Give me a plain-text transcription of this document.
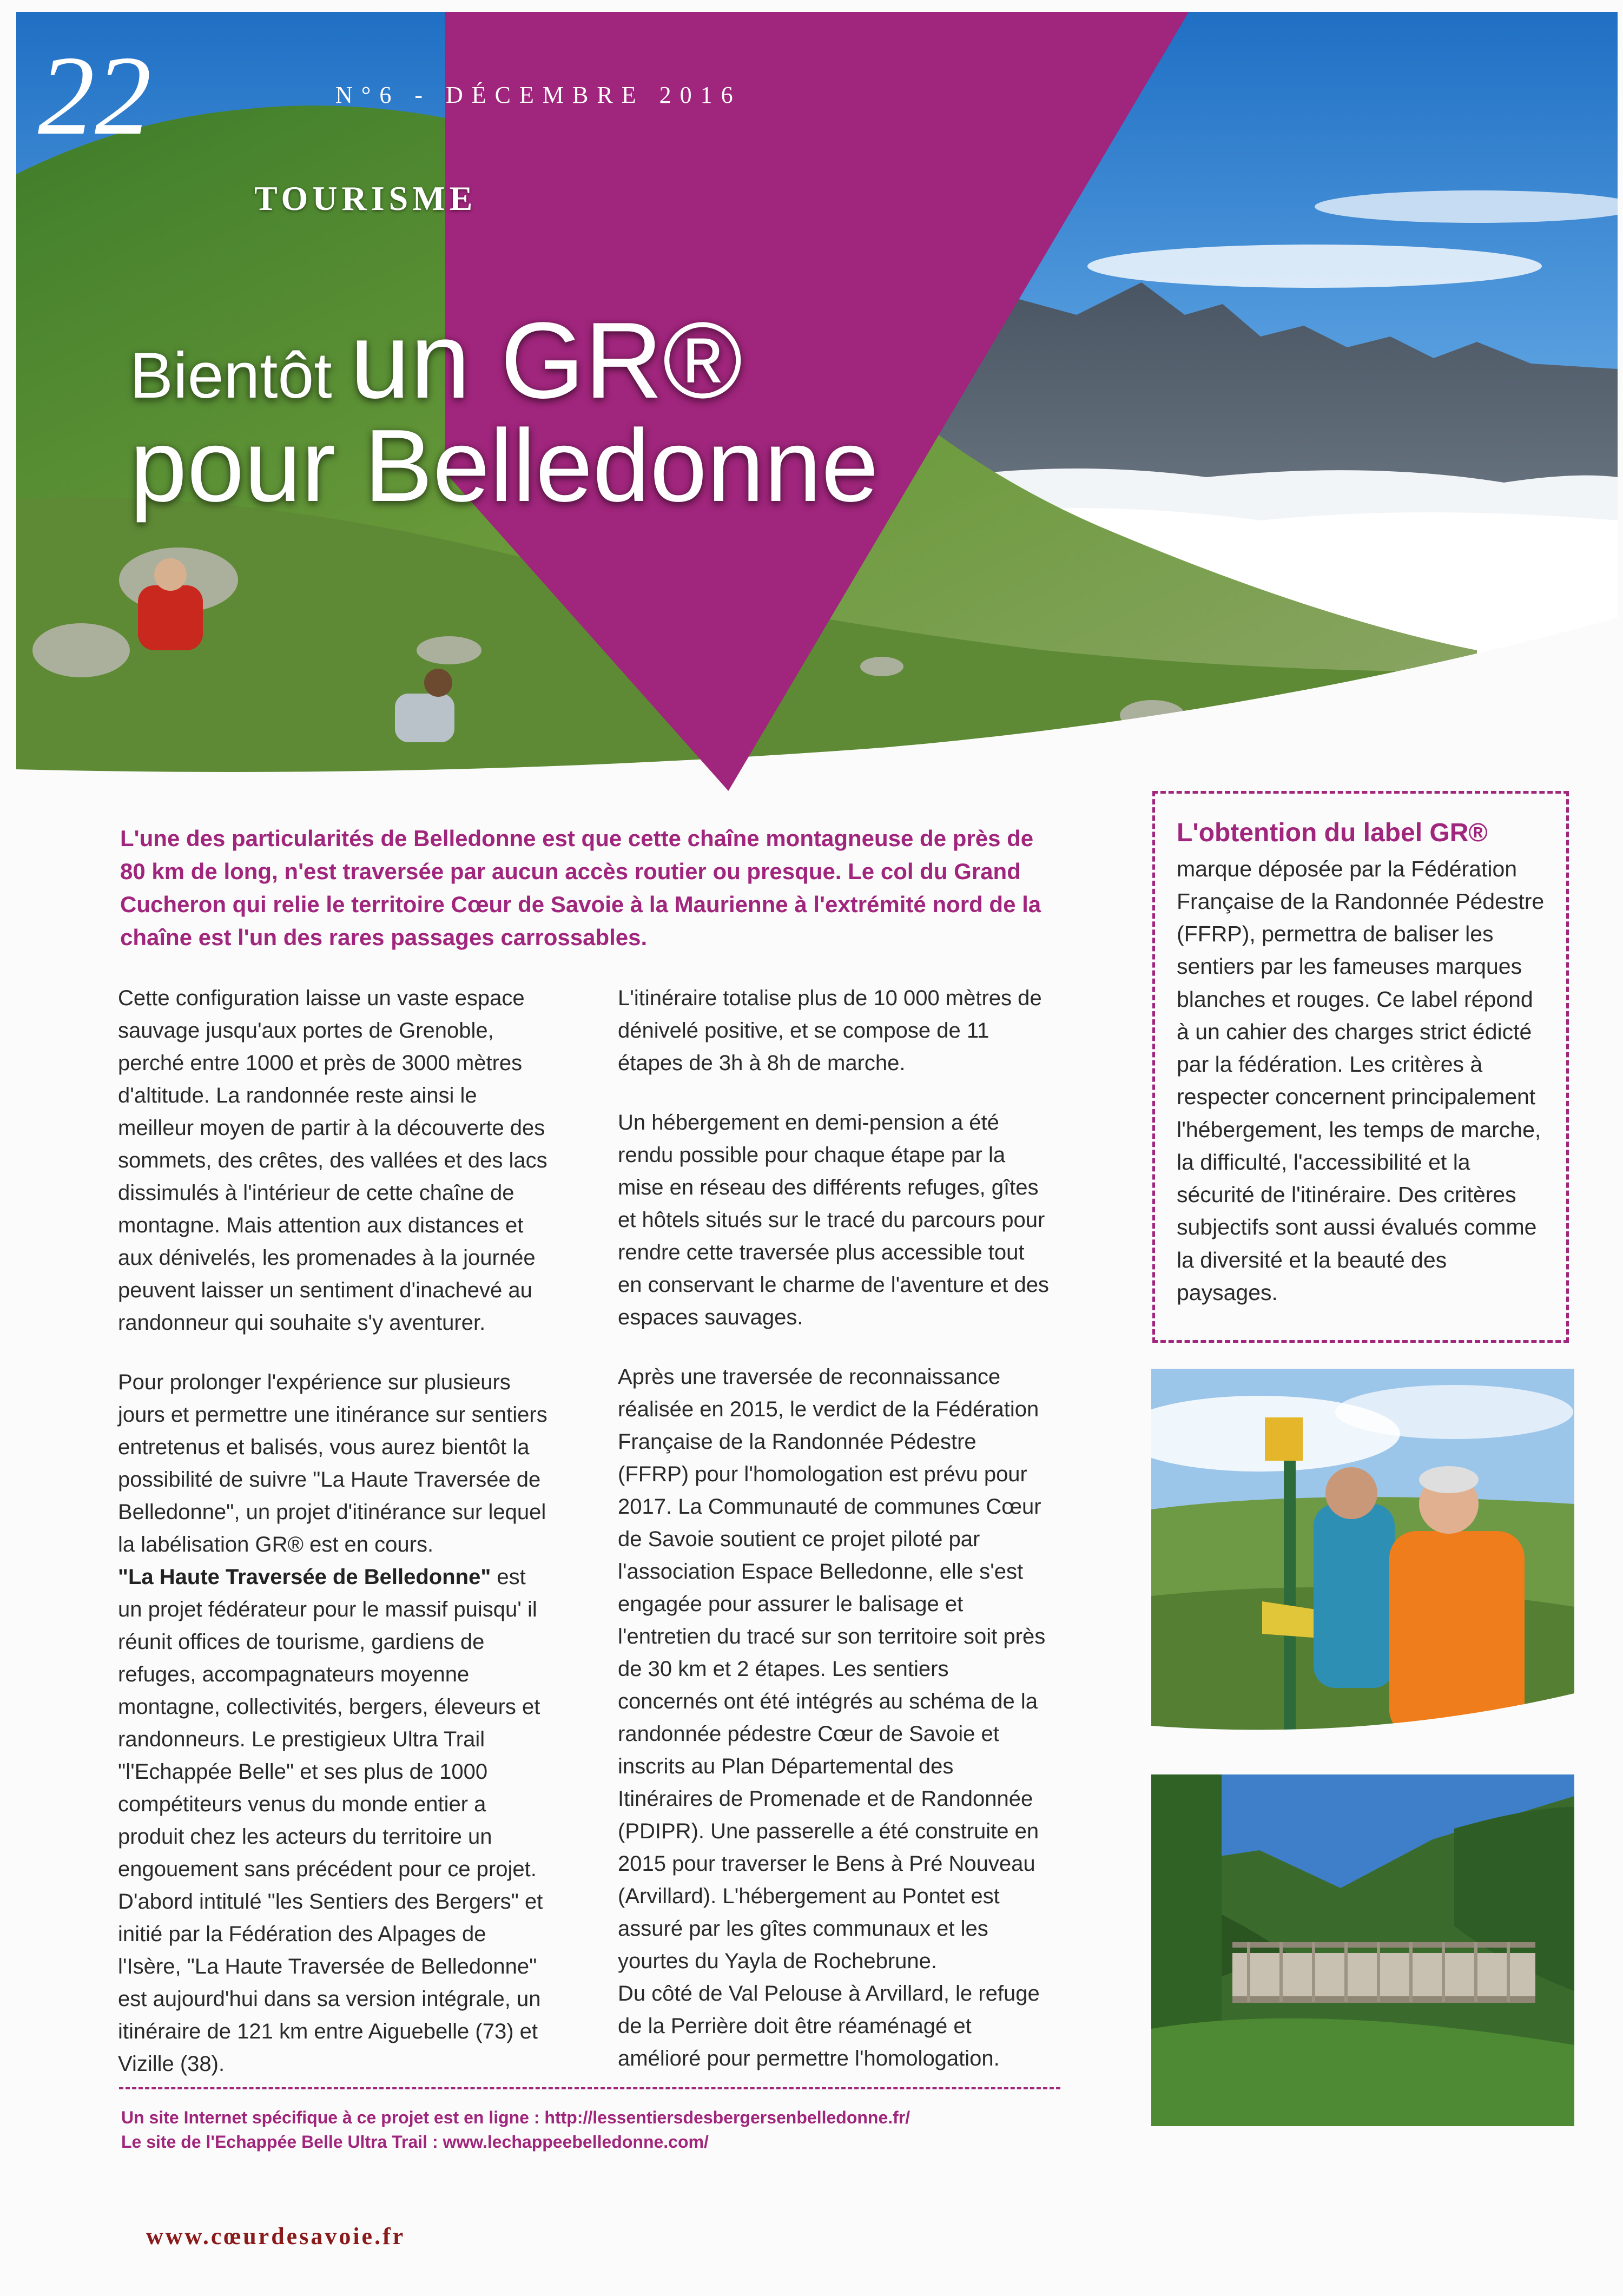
22	N°6 - DÉCEMBRE 2016
TOURISME
Bientôt un GR®
pour Belledonne
L'une des particularités de Belledonne est que cette chaîne montagneuse de près de 80 km de long, n'est traversée par aucun accès routier ou presque. Le col du Grand Cucheron qui relie le territoire Cœur de Savoie à la Maurienne à l'extrémité nord de la chaîne est l'un des rares passages carrossables.

Cette configuration laisse un vaste espace sauvage jusqu'aux portes de Grenoble, perché entre 1000 et près de 3000 mètres d'altitude. La randonnée reste ainsi le meilleur moyen de partir à la découverte des sommets, des crêtes, des vallées et des lacs dissimulés à l'intérieur de cette chaîne de montagne. Mais attention aux distances et aux dénivelés, les promenades à la journée peuvent laisser un sentiment d'inachevé au randonneur qui souhaite s'y aventurer.

Pour prolonger l'expérience sur plusieurs jours et permettre une itinérance sur sentiers entretenus et balisés, vous aurez bientôt la possibilité de suivre "La Haute Traversée de Belledonne", un projet d'itinérance sur lequel la labélisation GR® est en cours.

"La Haute Traversée de Belledonne" est un projet fédérateur pour le massif puisqu' il réunit offices de tourisme, gardiens de refuges, accompagnateurs moyenne montagne, collectivités, bergers, éleveurs et randonneurs. Le prestigieux Ultra Trail "l'Echappée Belle" et ses plus de 1000 compétiteurs venus du monde entier a produit chez les acteurs du territoire un engouement sans précédent pour ce projet. D'abord intitulé "les Sentiers des Bergers" et initié par la Fédération des Alpages de l'Isère, "La Haute Traversée de Belledonne" est aujourd'hui dans sa version intégrale, un itinéraire de 121 km entre Aiguebelle (73) et Vizille (38).

L'itinéraire totalise plus de 10 000 mètres de dénivelé positive, et se compose de 11 étapes de 3h à 8h de marche.

Un hébergement en demi-pension a été rendu possible pour chaque étape par la mise en réseau des différents refuges, gîtes et hôtels situés sur le tracé du parcours pour rendre cette traversée plus accessible tout en conservant le charme de l'aventure et des espaces sauvages.

Après une traversée de reconnaissance réalisée en 2015, le verdict de la Fédération Française de la Randonnée Pédestre (FFRP) pour l'homologation est prévu pour 2017. La Communauté de communes Cœur de Savoie soutient ce projet piloté par l'association Espace Belledonne, elle s'est engagée pour assurer le balisage et l'entretien du tracé sur son territoire soit près de 30 km et 2 étapes. Les sentiers concernés ont été intégrés au schéma de la randonnée pédestre Cœur de Savoie et inscrits au Plan Départemental des Itinéraires de Promenade et de Randonnée (PDIPR). Une passerelle a été construite en 2015 pour traverser le Bens à Pré Nouveau (Arvillard). L'hébergement au Pontet est assuré par les gîtes communaux et les yourtes du Yayla de Rochebrune.

Du côté de Val Pelouse à Arvillard, le refuge de la Perrière doit être réaménagé et amélioré pour permettre l'homologation.

L'obtention du label GR®

marque déposée par la Fédération Française de la Randonnée Pédestre (FFRP), permettra de baliser les sentiers par les fameuses marques blanches et rouges. Ce label répond à un cahier des charges strict édicté par la fédération. Les critères à respecter concernent principalement l'hébergement, les temps de marche, la difficulté, l'accessibilité et la sécurité de l'itinéraire. Des critères subjectifs sont aussi évalués comme la diversité et la beauté des paysages.

Un site Internet spécifique à ce projet est en ligne : http://lessentiersdesbergersenbelledonne.fr/
Le site de l'Echappée Belle Ultra Trail : www.lechappeebelledonne.com/
www.cœurdesavoie.fr
